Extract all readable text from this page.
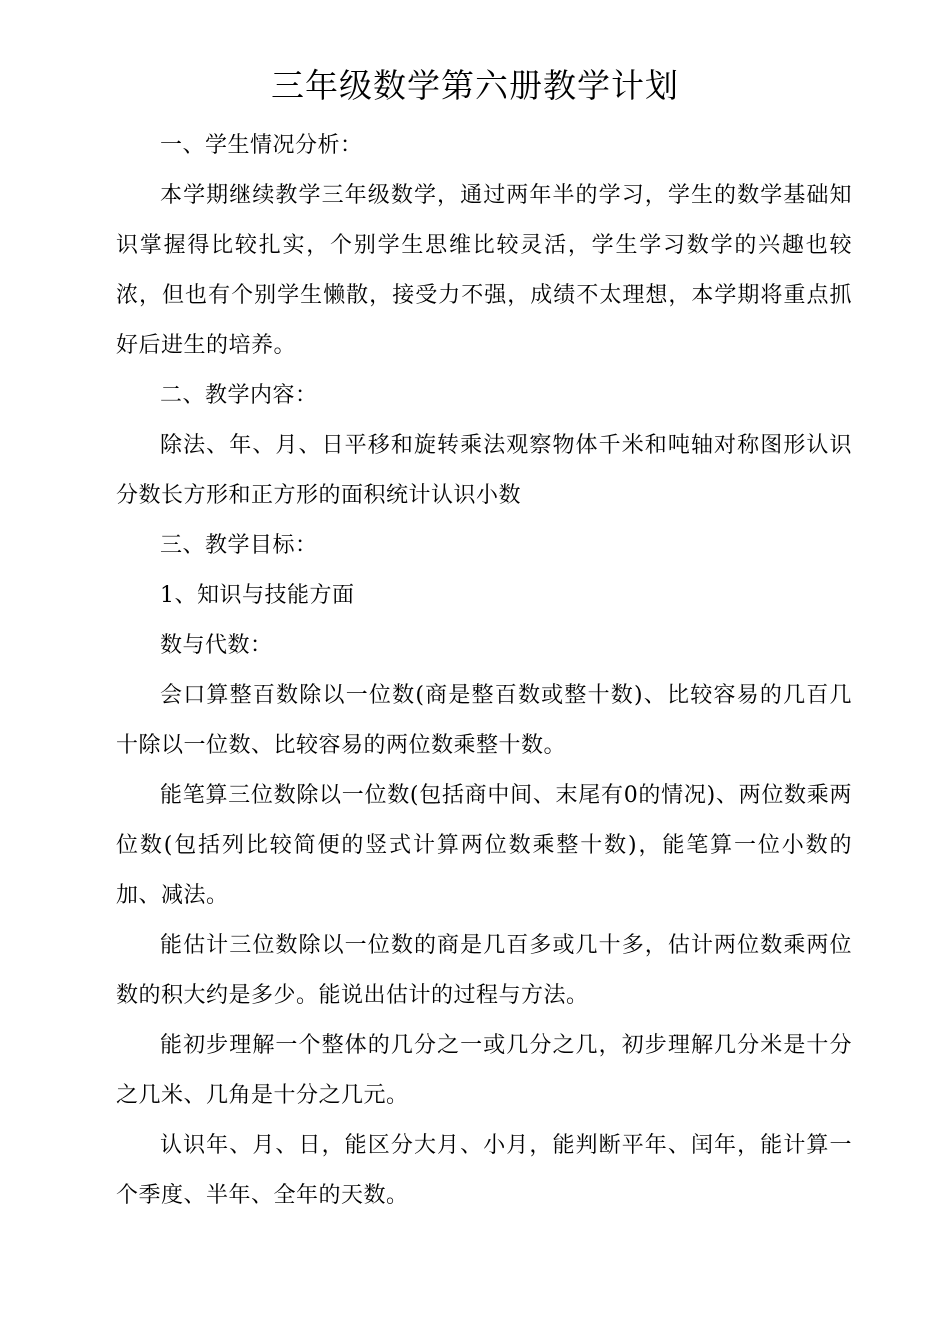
三年级数学第六册教学计划

一、学生情况分析：

本学期继续教学三年级数学，通过两年半的学习，学生的数学基础知识掌握得比较扎实，个别学生思维比较灵活，学生学习数学的兴趣也较浓，但也有个别学生懒散，接受力不强，成绩不太理想，本学期将重点抓好后进生的培养。

二、教学内容：

除法、年、月、日平移和旋转乘法观察物体千米和吨轴对称图形认识分数长方形和正方形的面积统计认识小数

三、教学目标：

1、知识与技能方面

数与代数：

会口算整百数除以一位数(商是整百数或整十数)、比较容易的几百几十除以一位数、比较容易的两位数乘整十数。

能笔算三位数除以一位数(包括商中间、末尾有0的情况)、两位数乘两位数(包括列比较简便的竖式计算两位数乘整十数)，能笔算一位小数的加、减法。

能估计三位数除以一位数的商是几百多或几十多，估计两位数乘两位数的积大约是多少。能说出估计的过程与方法。

能初步理解一个整体的几分之一或几分之几，初步理解几分米是十分之几米、几角是十分之几元。

认识年、月、日，能区分大月、小月，能判断平年、闰年，能计算一个季度、半年、全年的天数。
